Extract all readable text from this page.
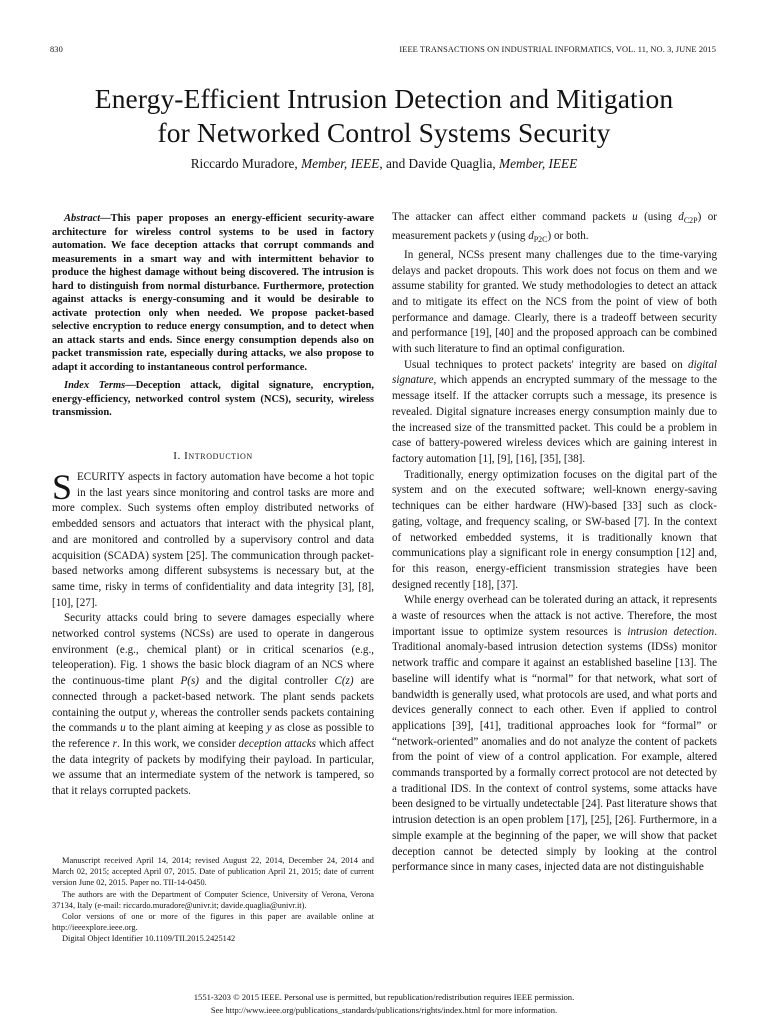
830	IEEE TRANSACTIONS ON INDUSTRIAL INFORMATICS, VOL. 11, NO. 3, JUNE 2015
Energy-Efficient Intrusion Detection and Mitigation
for Networked Control Systems Security
Riccardo Muradore, Member, IEEE, and Davide Quaglia, Member, IEEE
Abstract—This paper proposes an energy-efficient security-aware architecture for wireless control systems to be used in factory automation. We face deception attacks that corrupt commands and measurements in a smart way and with intermittent behavior to produce the highest damage without being discovered. The intrusion is hard to distinguish from normal disturbance. Furthermore, protection against attacks is energy-consuming and it would be desirable to activate protection only when needed. We propose packet-based selective encryption to reduce energy consumption, and to detect when an attack starts and ends. Since energy consumption depends also on packet transmission rate, especially during attacks, we also propose to adapt it according to instantaneous control performance.
Index Terms—Deception attack, digital signature, encryption, energy-efficiency, networked control system (NCS), security, wireless transmission.
I. Introduction

SECURITY aspects in factory automation have become a hot topic in the last years since monitoring and control tasks are more and more complex. Such systems often employ distributed networks of embedded sensors and actuators that interact with the physical plant, and are monitored and controlled by a supervisory control and data acquisition (SCADA) system [25]. The communication through packet-based networks among different subsystems is necessary but, at the same time, risky in terms of confidentiality and data integrity [3], [8], [10], [27].

Security attacks could bring to severe damages especially where networked control systems (NCSs) are used to operate in dangerous environment (e.g., chemical plant) or in critical scenarios (e.g., teleoperation). Fig. 1 shows the basic block diagram of an NCS where the continuous-time plant P(s) and the digital controller C(z) are connected through a packet-based network. The plant sends packets containing the output y, whereas the controller sends packets containing the commands u to the plant aiming at keeping y as close as possible to the reference r. In this work, we consider deception attacks which affect the data integrity of packets by modifying their payload. In particular, we assume that an intermediate system of the network is tampered, so that it relays corrupted packets.

Manuscript received April 14, 2014; revised August 22, 2014, December 24, 2014 and March 02, 2015; accepted April 07, 2015. Date of publication April 21, 2015; date of current version June 02, 2015. Paper no. TII-14-0450.

The authors are with the Department of Computer Science, University of Verona, Verona 37134, Italy (e-mail: riccardo.muradore@univr.it; davide.quaglia@univr.it).

Color versions of one or more of the figures in this paper are available online at http://ieeexplore.ieee.org.

Digital Object Identifier 10.1109/TII.2015.2425142

The attacker can affect either command packets u (using $d_{C2P}$) or measurement packets y (using $d_{P2C}$) or both.

In general, NCSs present many challenges due to the time-varying delays and packet dropouts. This work does not focus on them and we assume stability for granted. We study methodologies to detect an attack and to mitigate its effect on the NCS from the point of view of both performance and damage. Clearly, there is a tradeoff between security and performance [19], [40] and the proposed approach can be combined with such literature to find an optimal configuration.

Usual techniques to protect packets' integrity are based on digital signature, which appends an encrypted summary of the message to the message itself. If the attacker corrupts such a message, its presence is revealed. Digital signature increases energy consumption mainly due to the increased size of the transmitted packet. This could be a problem in case of battery-powered wireless devices which are gaining interest in factory automation [1], [9], [16], [35], [38].

Traditionally, energy optimization focuses on the digital part of the system and on the executed software; well-known energy-saving techniques can be either hardware (HW)-based [33] such as clock-gating, voltage, and frequency scaling, or SW-based [7]. In the context of networked embedded systems, it is traditionally known that communications play a significant role in energy consumption [12] and, for this reason, energy-efficient transmission strategies have been designed recently [18], [37].

While energy overhead can be tolerated during an attack, it represents a waste of resources when the attack is not active. Therefore, the most important issue to optimize system resources is intrusion detection. Traditional anomaly-based intrusion detection systems (IDSs) monitor network traffic and compare it against an established baseline [13]. The baseline will identify what is “normal” for that network, what sort of bandwidth is generally used, what protocols are used, and what ports and devices generally connect to each other. Even if applied to control applications [39], [41], traditional approaches look for “formal” or “network-oriented” anomalies and do not analyze the content of packets from the point of view of a control application. For example, altered commands transported by a formally correct protocol are not detected by a traditional IDS. In the context of control systems, some attacks have been designed to be virtually undetectable [24]. Past literature shows that intrusion detection is an open problem [17], [25], [26]. Furthermore, in a simple example at the beginning of the paper, we will show that packet deception cannot be detected simply by looking at the control performance since in many cases, injected data are not distinguishable

1551-3203 © 2015 IEEE. Personal use is permitted, but republication/redistribution requires IEEE permission.
See http://www.ieee.org/publications_standards/publications/rights/index.html for more information.
